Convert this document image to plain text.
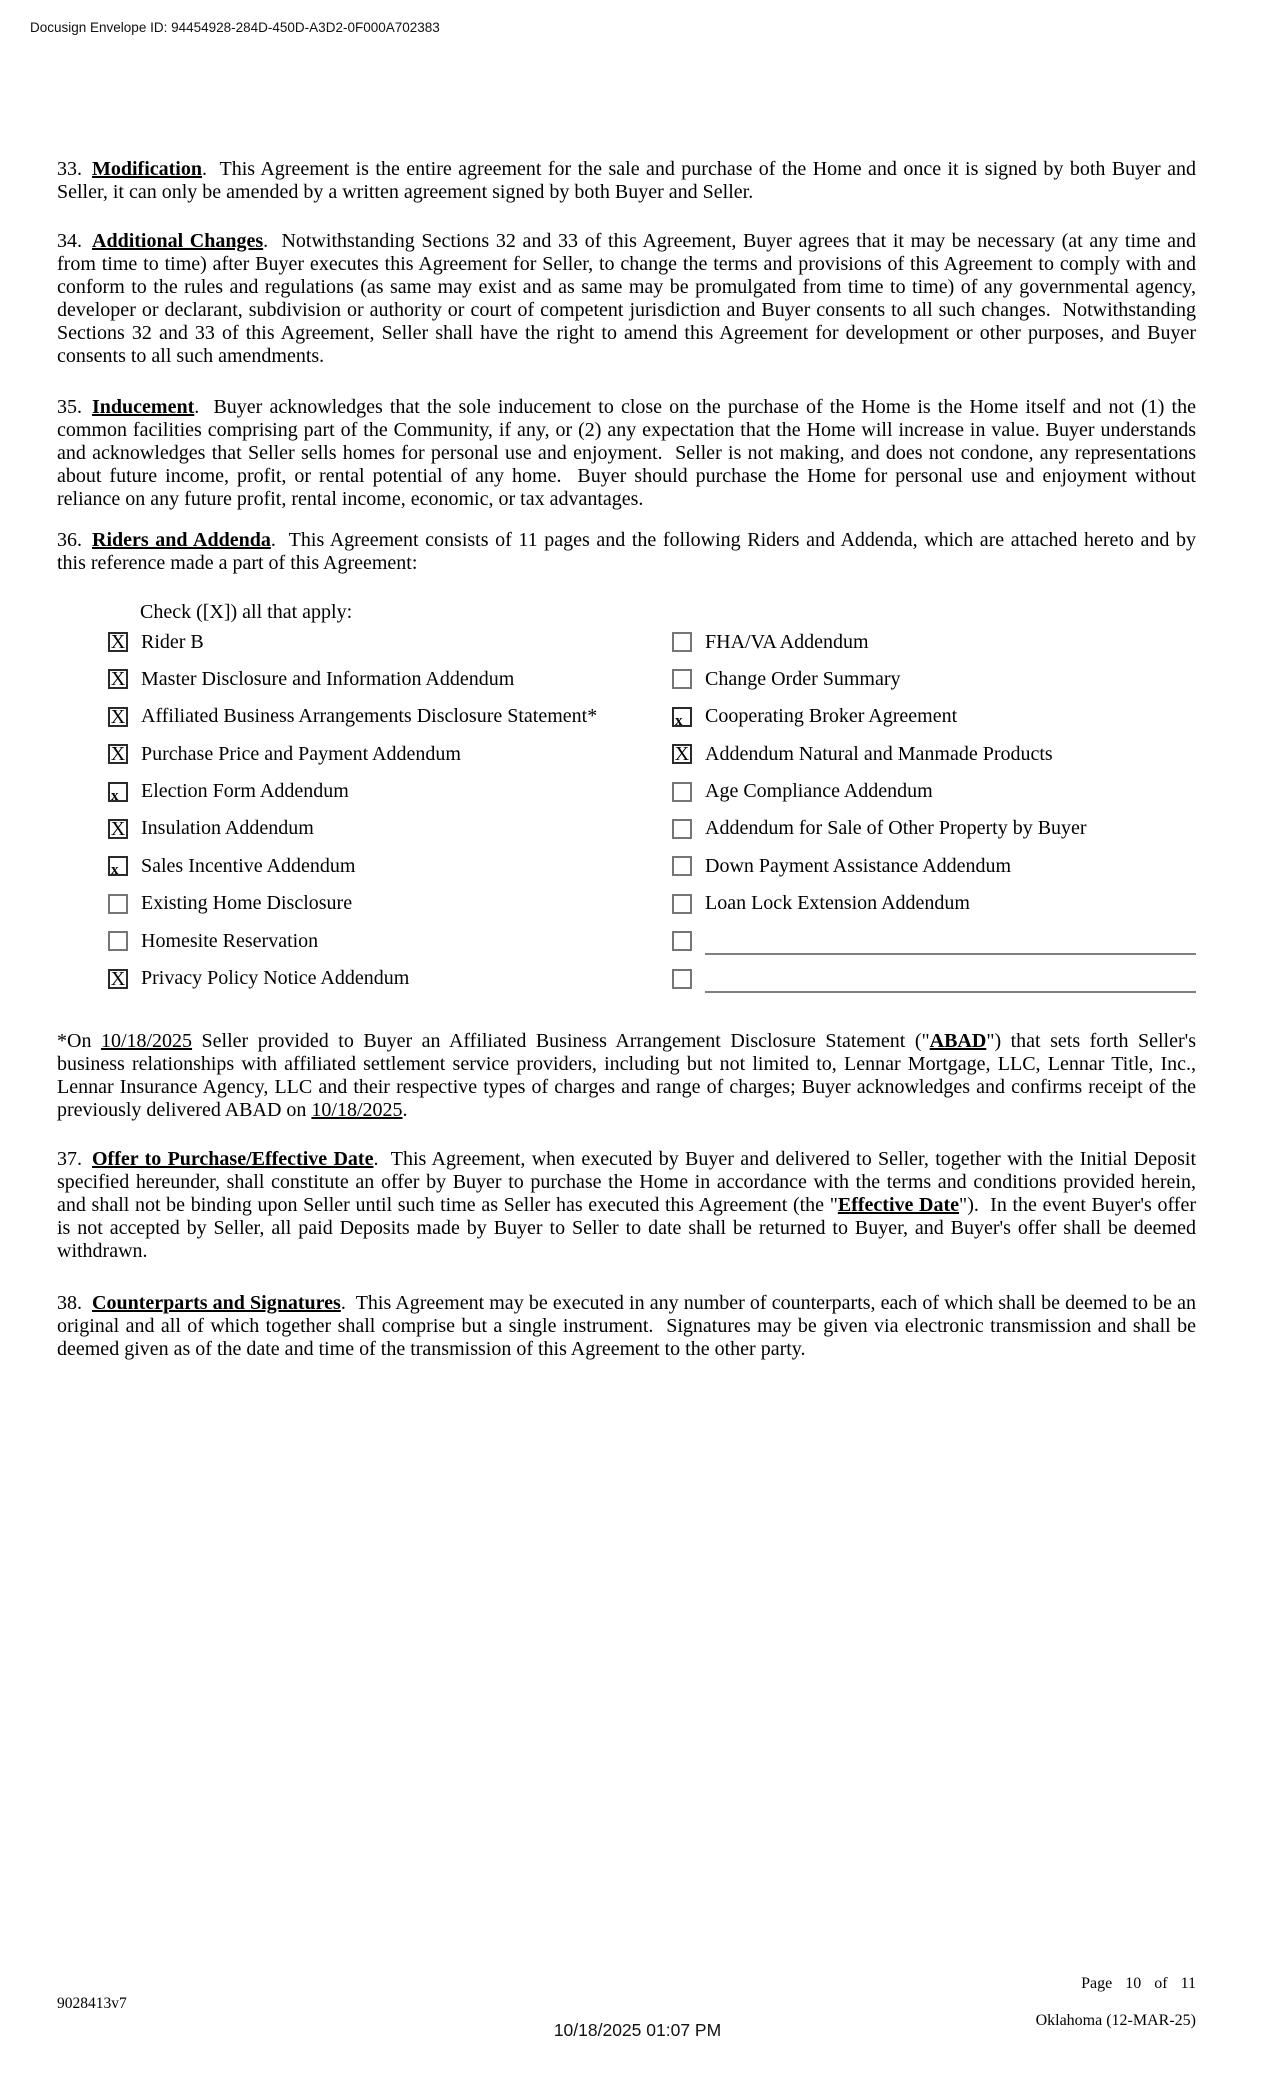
Docusign Envelope ID: 94454928-284D-450D-A3D2-0F000A702383

33. Modification.  This Agreement is the entire agreement for the sale and purchase of the Home and once it is signed by both Buyer and Seller, it can only be amended by a written agreement signed by both Buyer and Seller.

34. Additional Changes.  Notwithstanding Sections 32 and 33 of this Agreement, Buyer agrees that it may be necessary (at any time and from time to time) after Buyer executes this Agreement for Seller, to change the terms and provisions of this Agreement to comply with and conform to the rules and regulations (as same may exist and as same may be promulgated from time to time) of any governmental agency, developer or declarant, subdivision or authority or court of competent jurisdiction and Buyer consents to all such changes.  Notwithstanding Sections 32 and 33 of this Agreement, Seller shall have the right to amend this Agreement for development or other purposes, and Buyer consents to all such amendments.

35. Inducement.  Buyer acknowledges that the sole inducement to close on the purchase of the Home is the Home itself and not (1) the common facilities comprising part of the Community, if any, or (2) any expectation that the Home will increase in value. Buyer understands and acknowledges that Seller sells homes for personal use and enjoyment.  Seller is not making, and does not condone, any representations about future income, profit, or rental potential of any home.  Buyer should purchase the Home for personal use and enjoyment without reliance on any future profit, rental income, economic, or tax advantages.

36. Riders and Addenda.  This Agreement consists of 11 pages and the following Riders and Addenda, which are attached hereto and by this reference made a part of this Agreement:

Check ([X]) all that apply:
X Rider B
X Master Disclosure and Information Addendum
X Affiliated Business Arrangements Disclosure Statement*
X Purchase Price and Payment Addendum
x Election Form Addendum
X Insulation Addendum
x Sales Incentive Addendum
Existing Home Disclosure
Homesite Reservation
X Privacy Policy Notice Addendum
FHA/VA Addendum
Change Order Summary
x Cooperating Broker Agreement
X Addendum Natural and Manmade Products
Age Compliance Addendum
Addendum for Sale of Other Property by Buyer
Down Payment Assistance Addendum
Loan Lock Extension Addendum

*On 10/18/2025 Seller provided to Buyer an Affiliated Business Arrangement Disclosure Statement ("ABAD") that sets forth Seller's business relationships with affiliated settlement service providers, including but not limited to, Lennar Mortgage, LLC, Lennar Title, Inc., Lennar Insurance Agency, LLC and their respective types of charges and range of charges; Buyer acknowledges and confirms receipt of the previously delivered ABAD on 10/18/2025.

37. Offer to Purchase/Effective Date.  This Agreement, when executed by Buyer and delivered to Seller, together with the Initial Deposit specified hereunder, shall constitute an offer by Buyer to purchase the Home in accordance with the terms and conditions provided herein, and shall not be binding upon Seller until such time as Seller has executed this Agreement (the "Effective Date").  In the event Buyer's offer is not accepted by Seller, all paid Deposits made by Buyer to Seller to date shall be returned to Buyer, and Buyer's offer shall be deemed withdrawn.

38. Counterparts and Signatures.  This Agreement may be executed in any number of counterparts, each of which shall be deemed to be an original and all of which together shall comprise but a single instrument.  Signatures may be given via electronic transmission and shall be deemed given as of the date and time of the transmission of this Agreement to the other party.

Page 10 of 11
9028413v7
Oklahoma (12-MAR-25)
10/18/2025 01:07 PM
